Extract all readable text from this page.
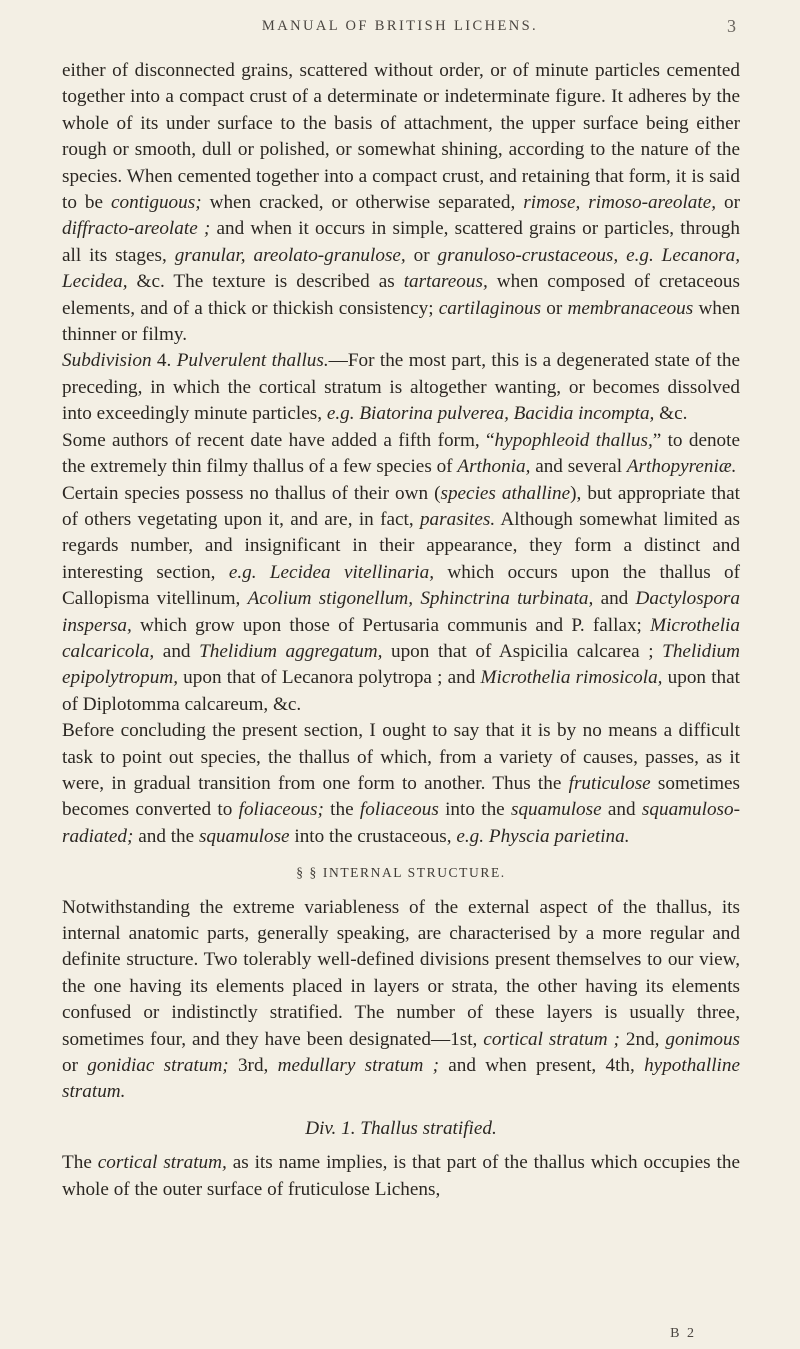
MANUAL OF BRITISH LICHENS.	3

either of disconnected grains, scattered without order, or of minute particles cemented together into a compact crust of a determinate or indeterminate figure. It adheres by the whole of its under surface to the basis of attachment, the upper surface being either rough or smooth, dull or polished, or somewhat shining, according to the nature of the species. When cemented together into a compact crust, and retaining that form, it is said to be contiguous; when cracked, or otherwise separated, rimose, rimoso-areolate, or diffracto-areolate ; and when it occurs in simple, scattered grains or particles, through all its stages, granular, areolato-granulose, or granuloso-crustaceous, e.g. Lecanora, Lecidea, &c. The texture is described as tartareous, when composed of cretaceous elements, and of a thick or thickish consistency; cartilaginous or membranaceous when thinner or filmy.

Subdivision 4. Pulverulent thallus.—For the most part, this is a degenerated state of the preceding, in which the cortical stratum is altogether wanting, or becomes dissolved into exceedingly minute particles, e.g. Biatorina pulverea, Bacidia incompta, &c.

Some authors of recent date have added a fifth form, “hypophleoid thallus,” to denote the extremely thin filmy thallus of a few species of Arthonia, and several Arthopyreniæ.

Certain species possess no thallus of their own (species athalline), but appropriate that of others vegetating upon it, and are, in fact, parasites. Although somewhat limited as regards number, and insignificant in their appearance, they form a distinct and interesting section, e.g. Lecidea vitellinaria, which occurs upon the thallus of Callopisma vitellinum, Acolium stigonellum, Sphinctrina turbinata, and Dactylospora inspersa, which grow upon those of Pertusaria communis and P. fallax; Microthelia calcaricola, and Thelidium aggregatum, upon that of Aspicilia calcarea ; Thelidium epipolytropum, upon that of Lecanora polytropa ; and Microthelia rimosicola, upon that of Diplotomma calcareum, &c.

Before concluding the present section, I ought to say that it is by no means a difficult task to point out species, the thallus of which, from a variety of causes, passes, as it were, in gradual transition from one form to another. Thus the fruticulose sometimes becomes converted to foliaceous; the foliaceous into the squamulose and squamuloso-radiated; and the squamulose into the crustaceous, e.g. Physcia parietina.

§ § INTERNAL STRUCTURE.

Notwithstanding the extreme variableness of the external aspect of the thallus, its internal anatomic parts, generally speaking, are characterised by a more regular and definite structure. Two tolerably well-defined divisions present themselves to our view, the one having its elements placed in layers or strata, the other having its elements confused or indistinctly stratified. The number of these layers is usually three, sometimes four, and they have been designated—1st, cortical stratum ; 2nd, gonimous or gonidiac stratum; 3rd, medullary stratum ; and when present, 4th, hypothalline stratum.

Div. 1. Thallus stratified.

The cortical stratum, as its name implies, is that part of the thallus which occupies the whole of the outer surface of fruticulose Lichens,

B 2
